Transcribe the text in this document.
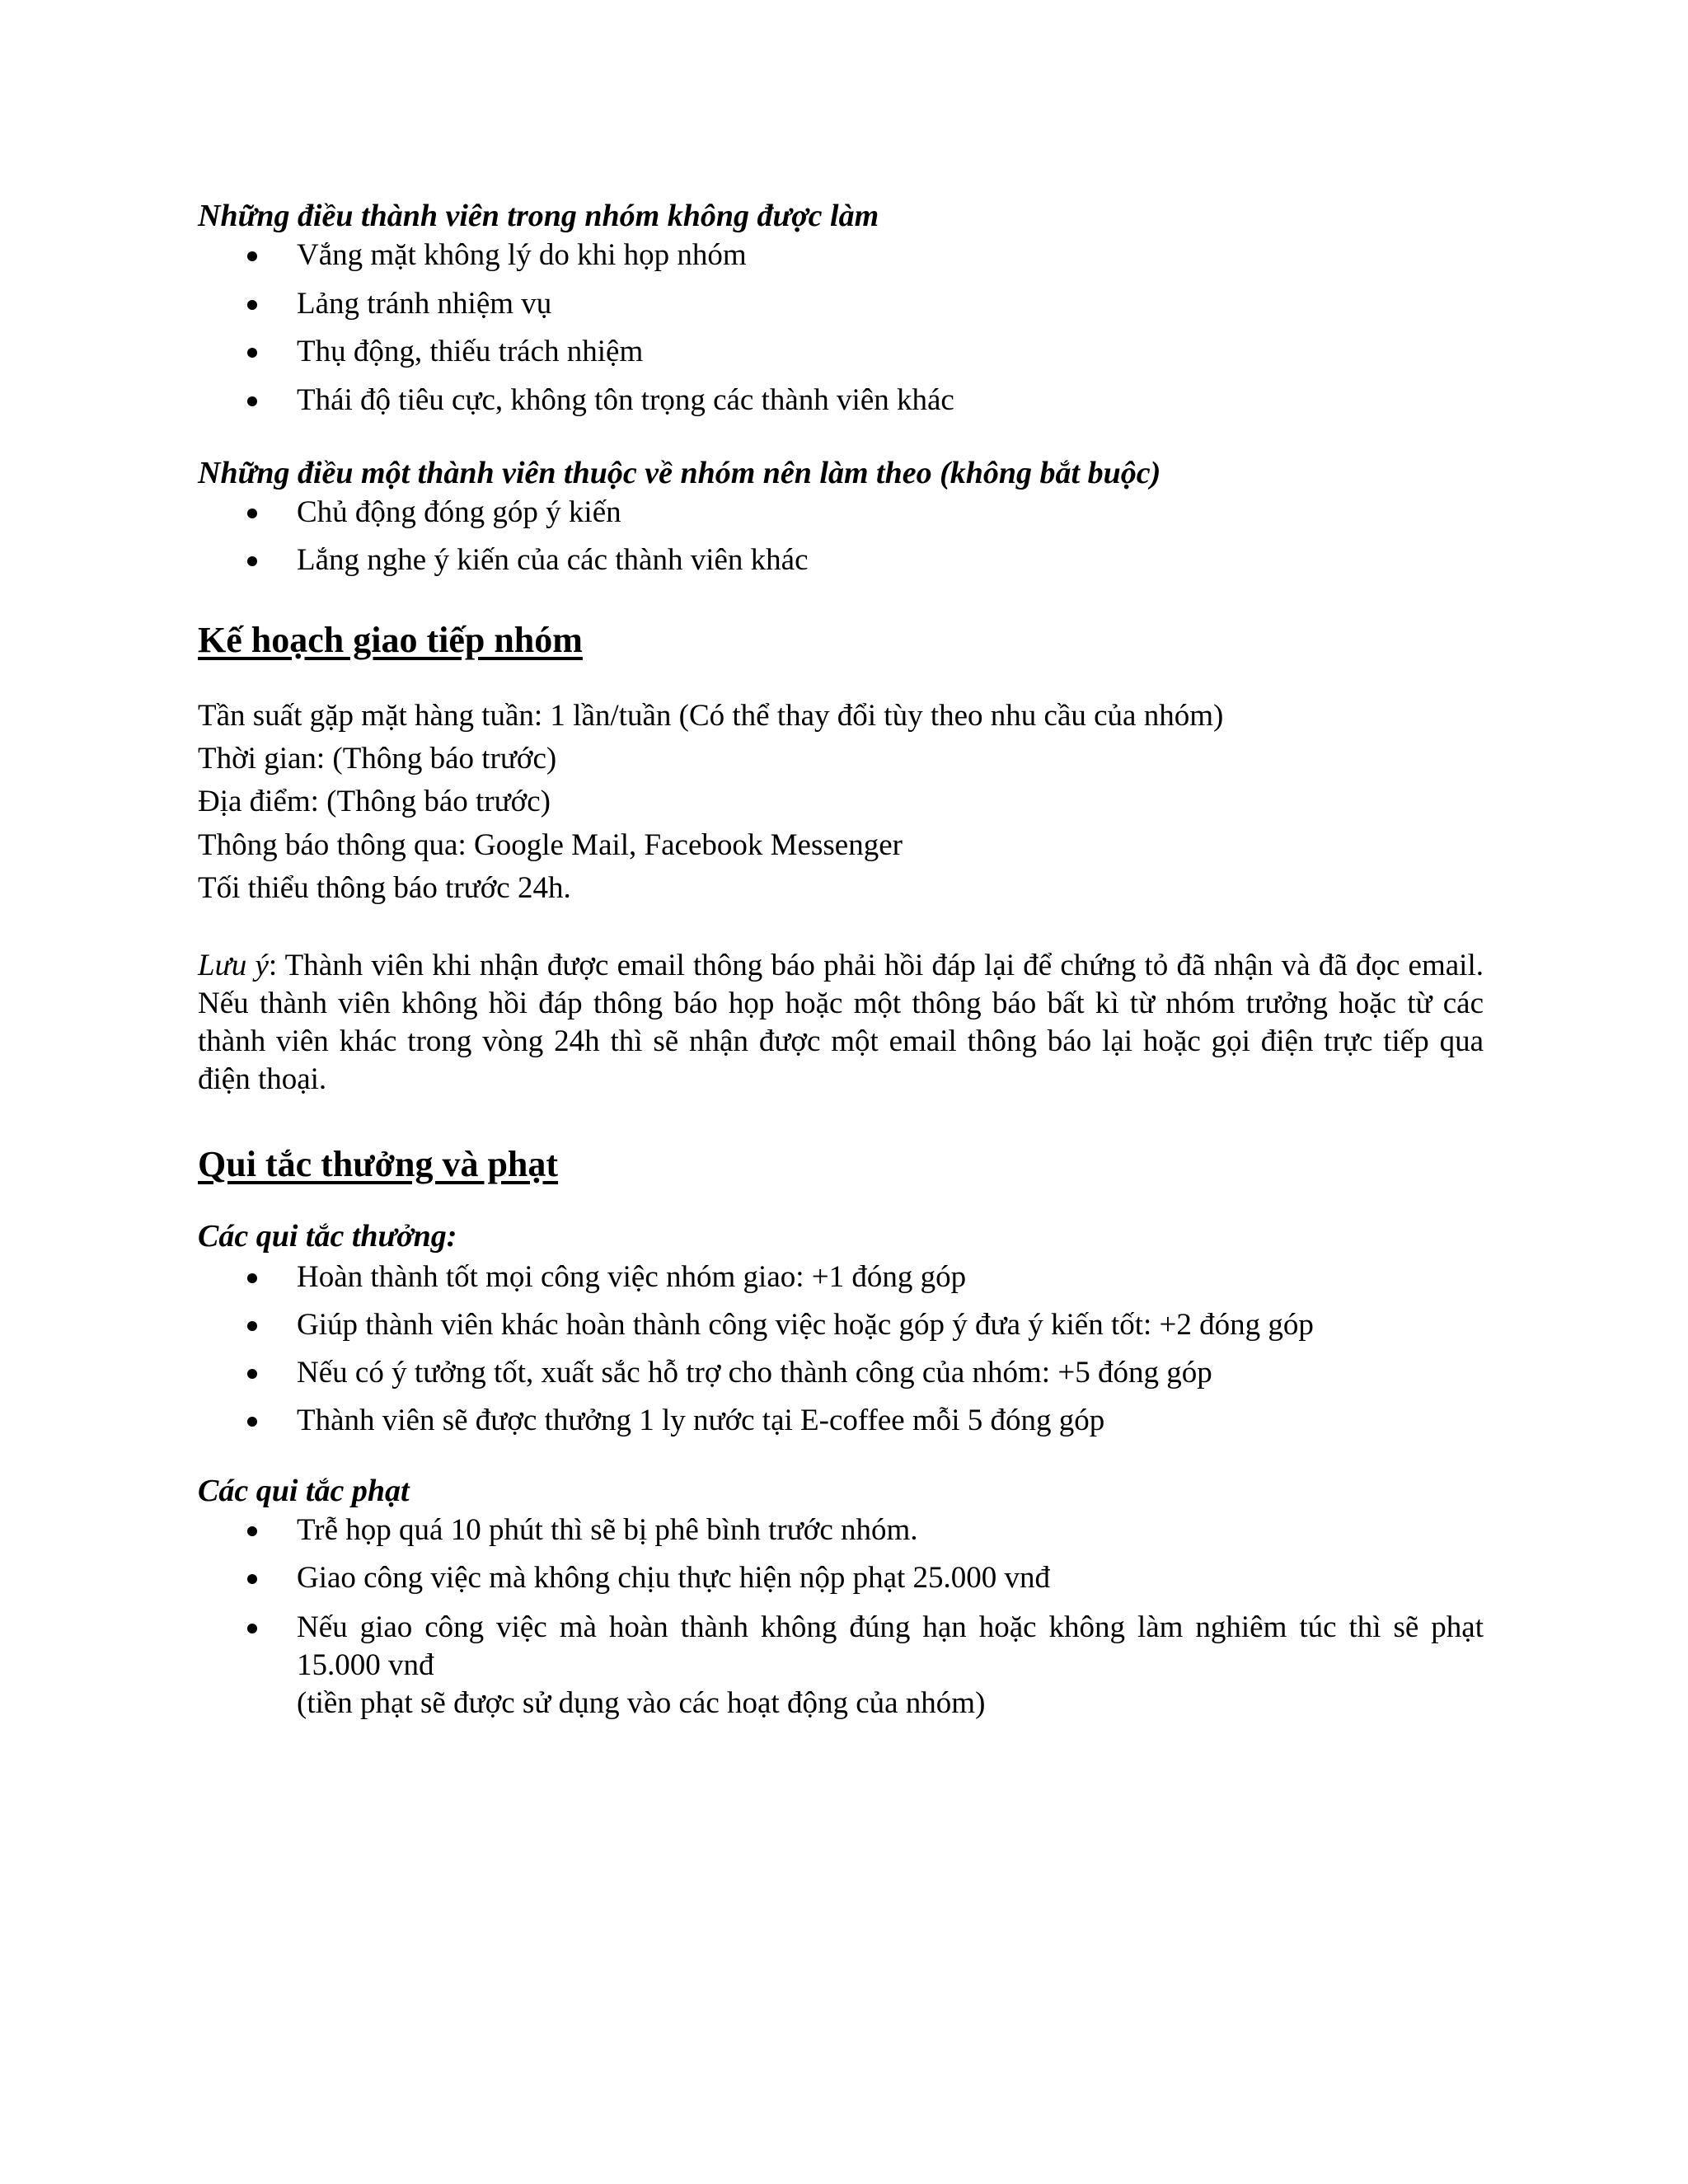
Những điều thành viên trong nhóm không được làm

Vắng mặt không lý do khi họp nhóm
Lảng tránh nhiệm vụ
Thụ động, thiếu trách nhiệm
Thái độ tiêu cực, không tôn trọng các thành viên khác

Những điều một thành viên thuộc về nhóm nên làm theo (không bắt buộc)

Chủ động đóng góp ý kiến
Lắng nghe ý kiến của các thành viên khác
Kế hoạch giao tiếp nhóm

Tần suất gặp mặt hàng tuần: 1 lần/tuần (Có thể thay đổi tùy theo nhu cầu của nhóm)

Thời gian: (Thông báo trước)

Địa điểm: (Thông báo trước)

Thông báo thông qua: Google Mail, Facebook Messenger

Tối thiểu thông báo trước 24h.

Lưu ý: Thành viên khi nhận được email thông báo phải hồi đáp lại để chứng tỏ đã nhận và đã đọc email. Nếu thành viên không hồi đáp thông báo họp hoặc một thông báo bất kì từ nhóm trưởng hoặc từ các thành viên khác trong vòng 24h thì sẽ nhận được một email thông báo lại hoặc gọi điện trực tiếp qua điện thoại.

Qui tắc thưởng và phạt

Các qui tắc thưởng:

Hoàn thành tốt mọi công việc nhóm giao: +1 đóng góp
Giúp thành viên khác hoàn thành công việc hoặc góp ý đưa ý kiến tốt: +2 đóng góp
Nếu có ý tưởng tốt, xuất sắc hỗ trợ cho thành công của nhóm: +5 đóng góp
Thành viên sẽ được thưởng 1 ly nước tại E-coffee mỗi 5 đóng góp

Các qui tắc phạt

Trễ họp quá 10 phút thì sẽ bị phê bình trước nhóm.
Giao công việc mà không chịu thực hiện nộp phạt 25.000 vnđ
Nếu giao công việc mà hoàn thành không đúng hạn hoặc không làm nghiêm túc thì sẽ phạt 15.000 vnđ

(tiền phạt sẽ được sử dụng vào các hoạt động của nhóm)
